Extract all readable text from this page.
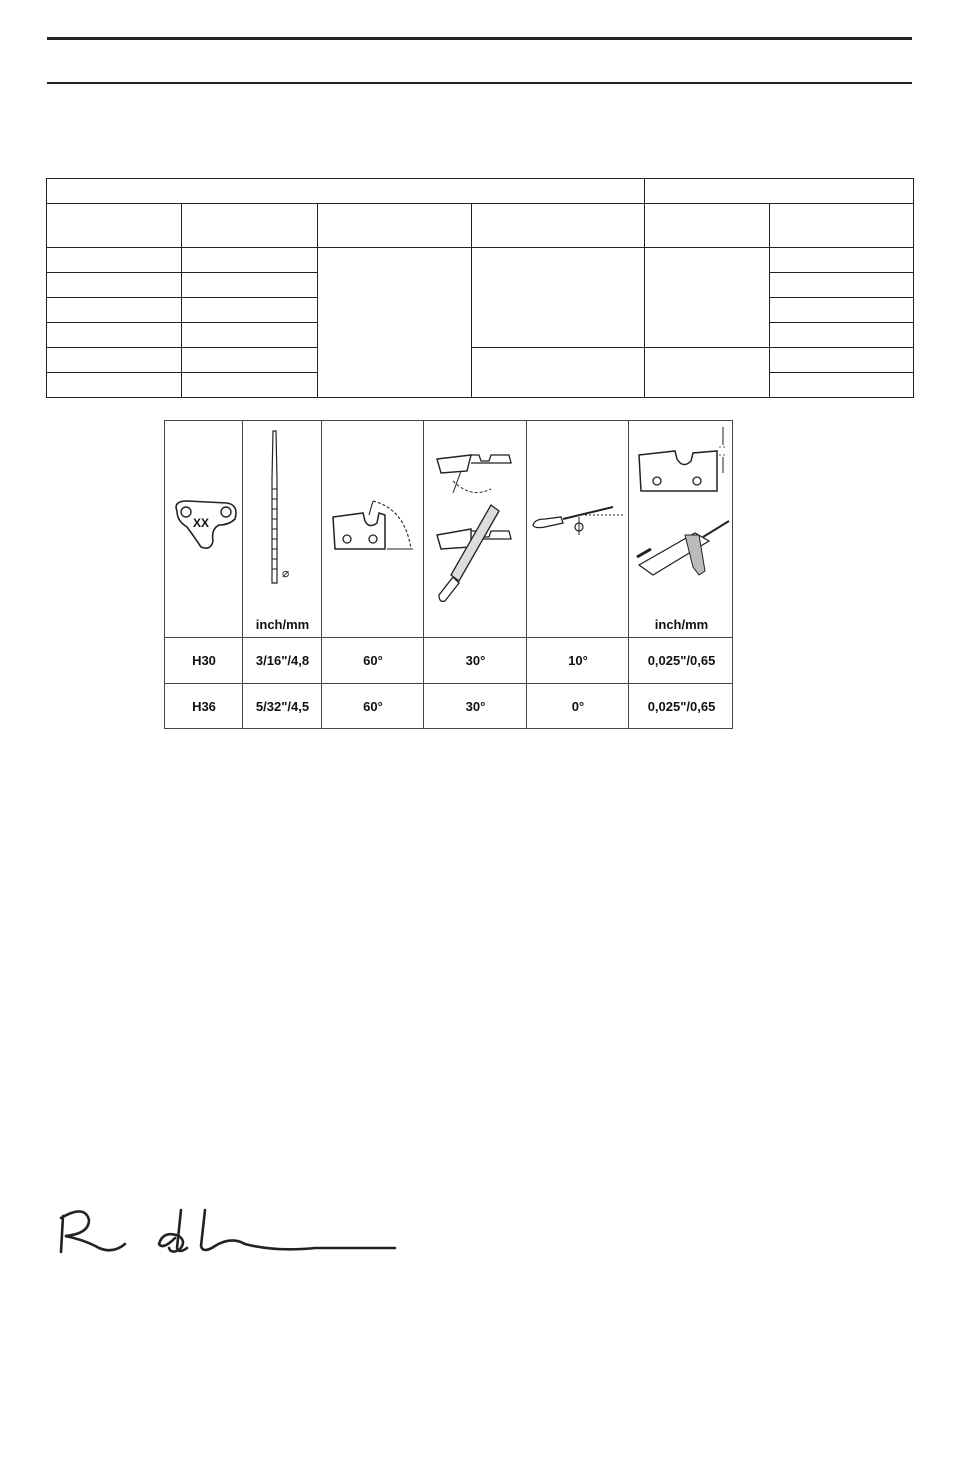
XX
⌀
inch/mm	inch/mm
H30	3/16"/4,8	60°	30°	10°	0,025"/0,65
H36	5/32"/4,5	60°	30°	0°	0,025"/0,65
